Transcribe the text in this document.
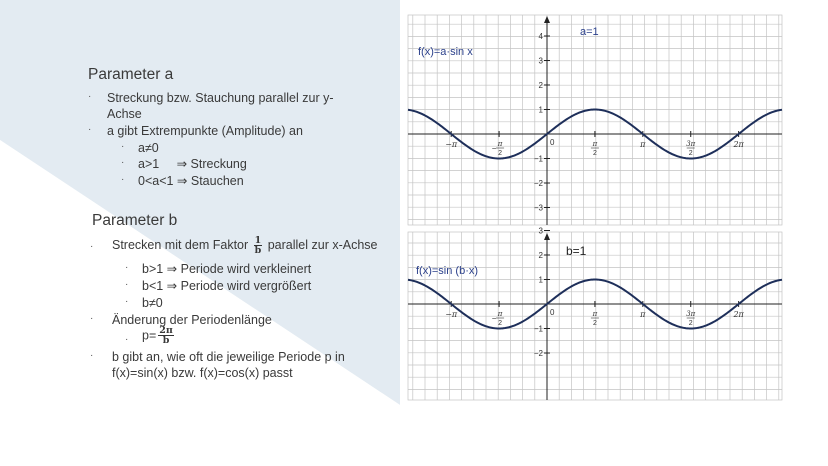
Parameter a
· Streckung bzw. Stauchung parallel zur y-
Achse
· a gibt Extrempunkte (Amplitude) an
· a≠0
· a>1     ⇒ Streckung
· 0<a<1 ⇒ Stauchen
Parameter b
· Strecken mit dem Faktor $\frac{1}{b}$ parallel zur x-Achse
· b>1 ⇒ Periode wird verkleinert
· b<1 ⇒ Periode wird vergrößert
· b≠0
· Änderung der Periodenlänge
· $p= \frac{2\pi}{b}$
· b gibt an, wie oft die jeweilige Periode p in
f(x)=sin(x) bzw. f(x)=cos(x) passt
4
3
2
1
−1
−2
−3
0
−π	− π
2
π
2
π	3π
2
2π
f(x)=a·sin x
a=1
3
2
1
−1
−2
0
−π	− π
2
π
2
π	3π
2
2π
f(x)=sin (b·x)
b=1
